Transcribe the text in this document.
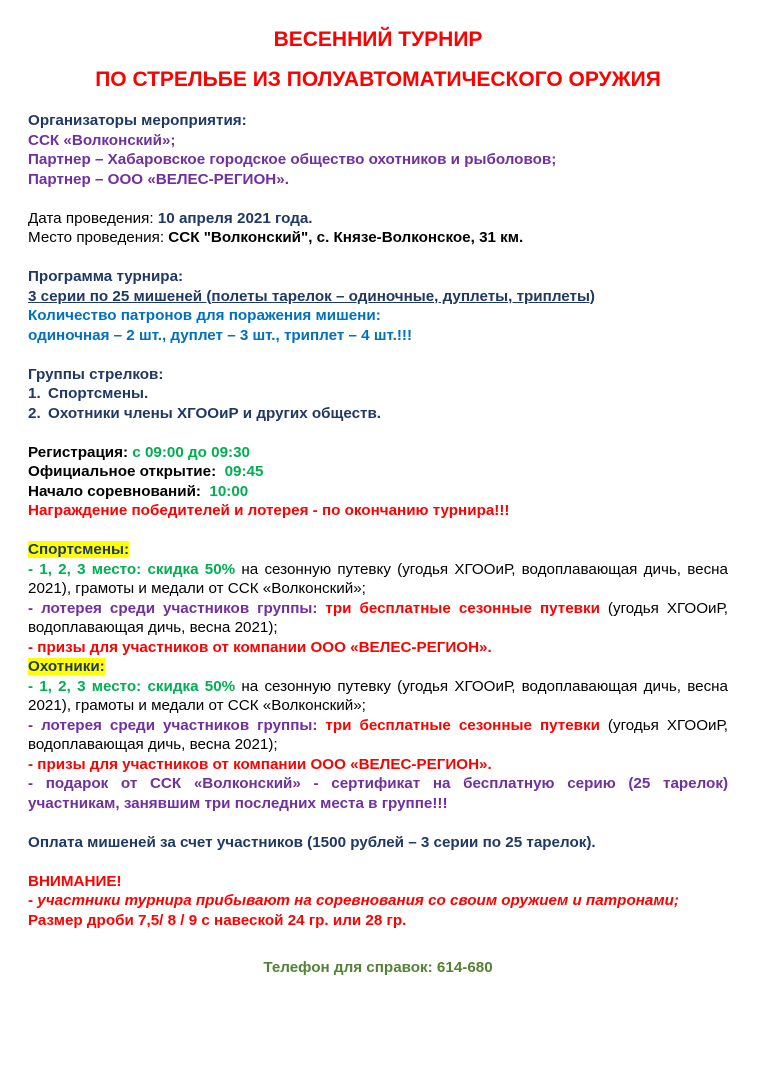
ВЕСЕННИЙ ТУРНИР
ПО СТРЕЛЬБЕ ИЗ ПОЛУАВТОМАТИЧЕСКОГО ОРУЖИЯ
Организаторы мероприятия:
ССК «Волконский»;
Партнер – Хабаровское городское общество охотников и рыболовов;
Партнер – ООО «ВЕЛЕС-РЕГИОН».
Дата проведения: 10 апреля 2021 года.
Место проведения: ССК "Волконский", с. Князе-Волконское, 31 км.
Программа турнира:
3 серии по 25 мишеней (полеты тарелок – одиночные, дуплеты, триплеты)
Количество патронов для поражения мишени:
одиночная – 2 шт., дуплет – 3 шт., триплет – 4 шт.!!!
Группы стрелков:
1. Спортсмены.
2. Охотники члены ХГООиР и других обществ.
Регистрация: с 09:00 до 09:30
Официальное открытие:  09:45
Начало соревнований:  10:00
Награждение победителей и лотерея - по окончанию турнира!!!
Спортсмены:
- 1, 2, 3 место: скидка 50% на сезонную путевку (угодья ХГООиР, водоплавающая дичь, весна 2021), грамоты и медали от ССК «Волконский»;
- лотерея среди участников группы: три бесплатные сезонные путевки (угодья ХГООиР, водоплавающая дичь, весна 2021);
- призы для участников от компании ООО «ВЕЛЕС-РЕГИОН».
Охотники:
- 1, 2, 3 место: скидка 50% на сезонную путевку (угодья ХГООиР, водоплавающая дичь, весна 2021), грамоты и медали от ССК «Волконский»;
- лотерея среди участников группы: три бесплатные сезонные путевки (угодья ХГООиР, водоплавающая дичь, весна 2021);
- призы для участников от компании ООО «ВЕЛЕС-РЕГИОН».
- подарок от ССК «Волконский» - сертификат на бесплатную серию (25 тарелок) участникам, занявшим три последних места в группе!!!
Оплата мишеней за счет участников (1500 рублей – 3 серии по 25 тарелок).
ВНИМАНИЕ!
- участники турнира прибывают на соревнования со своим оружием и патронами;
Размер дроби 7,5/ 8 / 9 с навеской 24 гр. или 28 гр.
Телефон для справок: 614-680
